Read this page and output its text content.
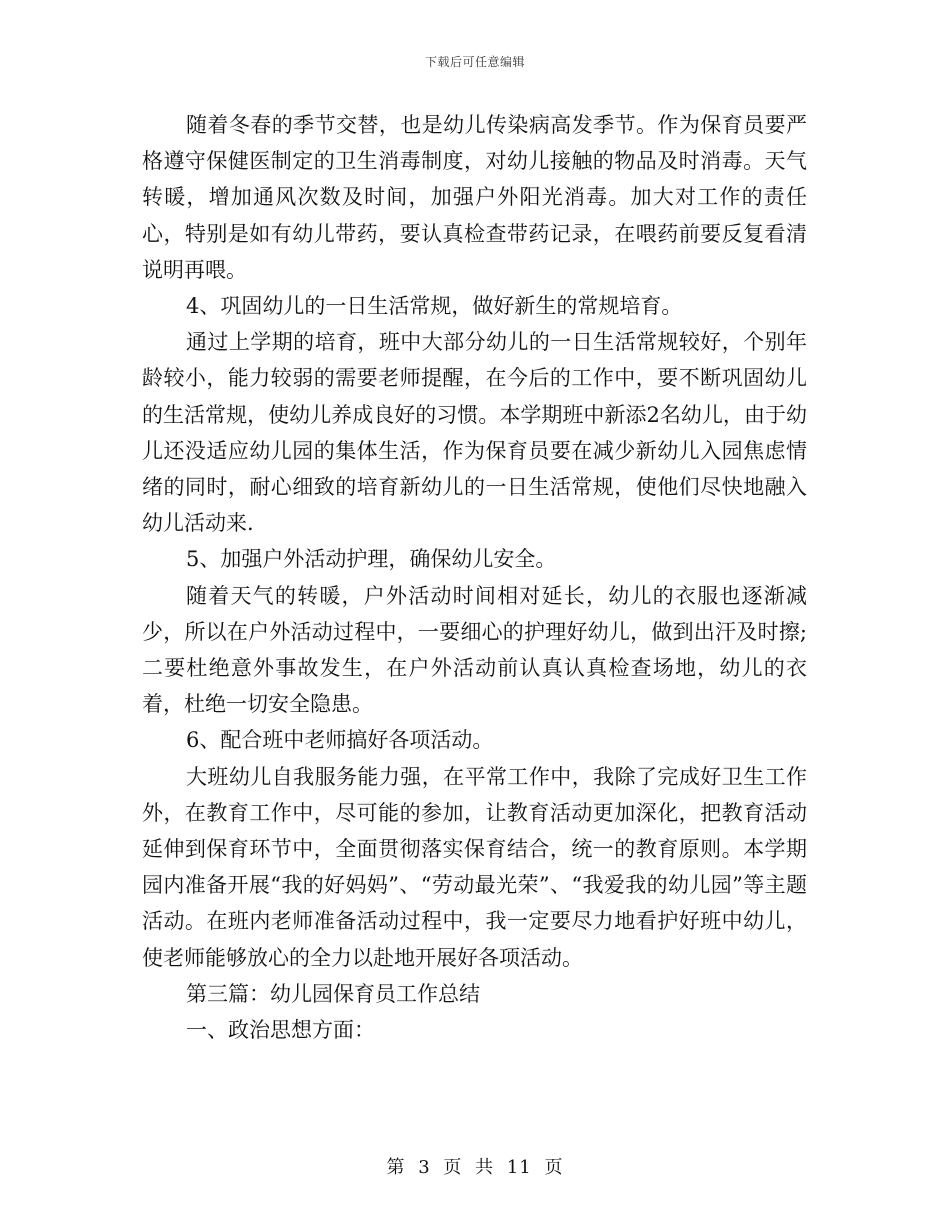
下载后可任意编辑

随着冬春的季节交替，也是幼儿传染病高发季节。作为保育员要严格遵守保健医制定的卫生消毒制度，对幼儿接触的物品及时消毒。天气转暖，增加通风次数及时间，加强户外阳光消毒。加大对工作的责任心，特别是如有幼儿带药，要认真检查带药记录，在喂药前要反复看清说明再喂。

4、巩固幼儿的一日生活常规，做好新生的常规培育。

通过上学期的培育，班中大部分幼儿的一日生活常规较好，个别年龄较小，能力较弱的需要老师提醒，在今后的工作中，要不断巩固幼儿的生活常规，使幼儿养成良好的习惯。本学期班中新添2名幼儿，由于幼儿还没适应幼儿园的集体生活，作为保育员要在减少新幼儿入园焦虑情绪的同时，耐心细致的培育新幼儿的一日生活常规，使他们尽快地融入幼儿活动来.

5、加强户外活动护理，确保幼儿安全。

随着天气的转暖，户外活动时间相对延长，幼儿的衣服也逐渐减少，所以在户外活动过程中，一要细心的护理好幼儿，做到出汗及时擦;二要杜绝意外事故发生，在户外活动前认真认真检查场地，幼儿的衣着，杜绝一切安全隐患。

6、配合班中老师搞好各项活动。

大班幼儿自我服务能力强，在平常工作中，我除了完成好卫生工作外，在教育工作中，尽可能的参加，让教育活动更加深化，把教育活动延伸到保育环节中，全面贯彻落实保育结合，统一的教育原则。本学期园内准备开展“我的好妈妈”、“劳动最光荣”、“我爱我的幼儿园”等主题活动。在班内老师准备活动过程中，我一定要尽力地看护好班中幼儿，使老师能够放心的全力以赴地开展好各项活动。

第三篇：幼儿园保育员工作总结

一、政治思想方面：

第 3 页 共 11 页
